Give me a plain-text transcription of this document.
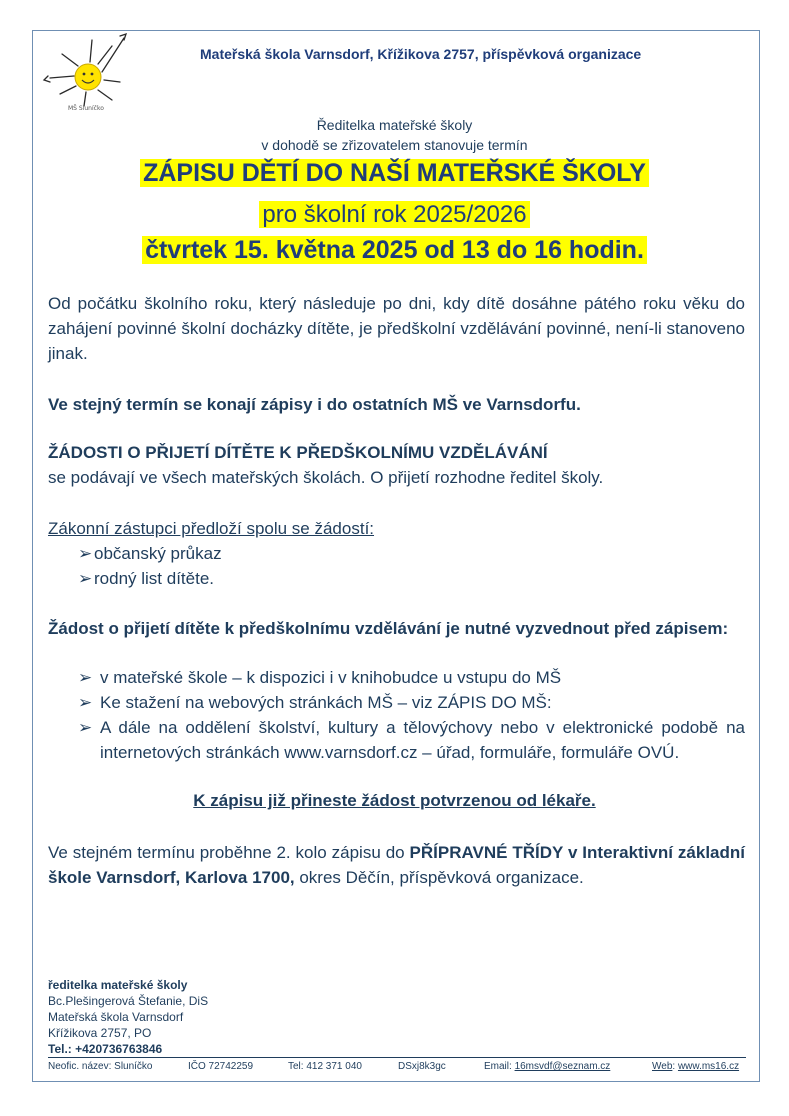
MŠ Sluníčko
Mateřská škola Varnsdorf, Křížikova 2757, příspěvková organizace
Ředitelka mateřské školy
v dohodě se zřizovatelem stanovuje termín
ZÁPISU DĚTÍ DO NAŠÍ MATEŘSKÉ ŠKOLY
pro školní rok 2025/2026
čtvrtek 15. května 2025 od 13 do 16 hodin.
Od počátku školního roku, který následuje po dni, kdy dítě dosáhne pátého roku věku do zahájení povinné školní docházky dítěte, je předškolní vzdělávání povinné, není-li stanoveno jinak.
Ve stejný termín se konají zápisy i do ostatních MŠ ve Varnsdorfu.
ŽÁDOSTI O PŘIJETÍ DÍTĚTE K PŘEDŠKOLNÍMU VZDĚLÁVÁNÍ
se podávají ve všech mateřských školách. O přijetí rozhodne ředitel školy.
Zákonní zástupci předloží spolu se žádostí:
➢ občanský průkaz
➢ rodný list dítěte.
Žádost o přijetí dítěte k předškolnímu vzdělávání je nutné vyzvednout před zápisem:
➢ v mateřské škole – k dispozici i v knihobudce u vstupu do MŠ
➢ Ke stažení na webových stránkách MŠ – viz ZÁPIS DO MŠ:
➢ A dále na oddělení školství, kultury a tělovýchovy nebo v elektronické podobě na internetových stránkách www.varnsdorf.cz – úřad, formuláře, formuláře OVÚ.
K zápisu již přineste žádost potvrzenou od lékaře.
Ve stejném termínu proběhne 2. kolo zápisu do PŘÍPRAVNÉ TŘÍDY v Interaktivní základní škole Varnsdorf, Karlova 1700, okres Děčín, příspěvková organizace.
ředitelka mateřské školy
Bc.Plešingerová Štefanie, DiS
Mateřská škola Varnsdorf
Křížikova 2757, PO
Tel.: +420736763846
Neofic. název: Sluníčko	IČO 72742259	Tel: 412 371 040	DSxj8k3gc	Email: 16msvdf@seznam.cz	Web: www.ms16.cz
